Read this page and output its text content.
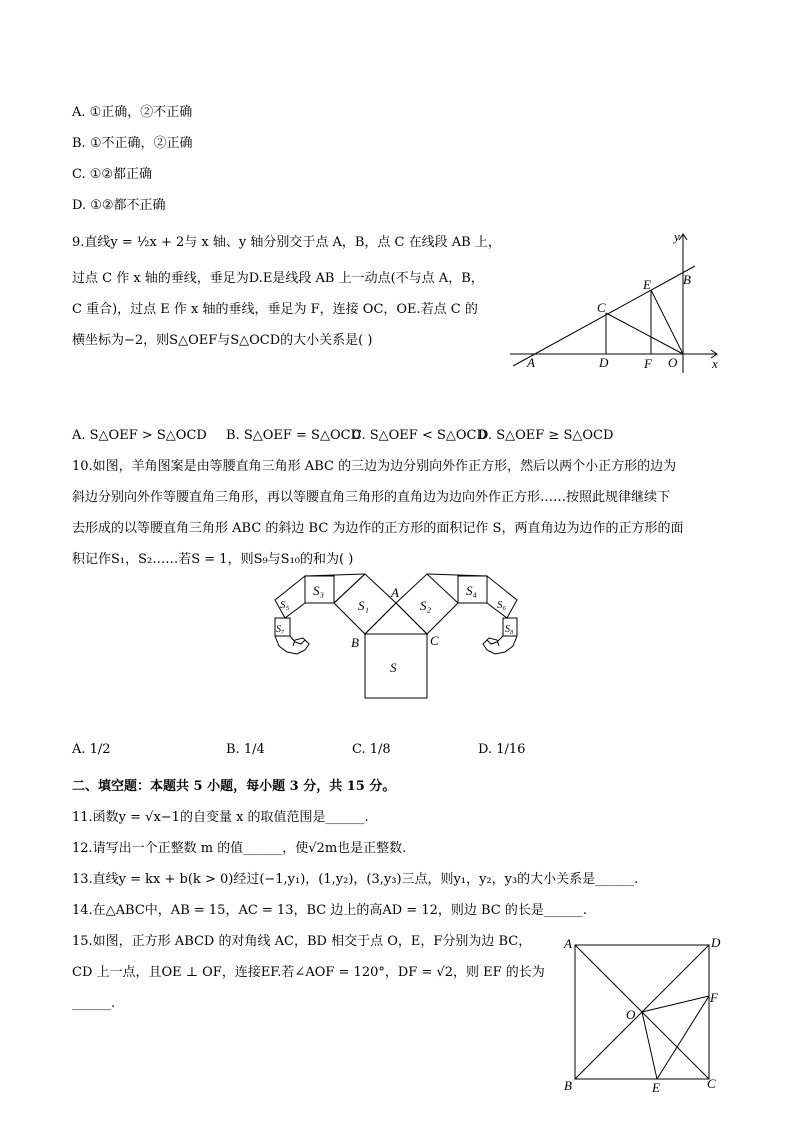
A. ①正确，②不正确
B. ①不正确，②正确
C. ①②都正确
D. ①②都不正确
9.直线y = ½x + 2与 x 轴、y 轴分别交于点 A，B，点 C 在线段 AB 上，
过点 C 作 x 轴的垂线，垂足为D.E是线段 AB 上一动点(不与点 A，B，
C 重合)，过点 E 作 x 轴的垂线，垂足为 F，连接 OC，OE.若点 C 的
横坐标为−2，则S△OEF与S△OCD的大小关系是( )
y
x
A
B
C
D
E
F O
A. S△OEF > S△OCD B. S△OEF = S△OCD
C. S△OEF < S△OCD
D. S△OEF ≥ S△OCD
10.如图，羊角图案是由等腰直角三角形 ABC 的三边为边分别向外作正方形，然后以两个小正方形的边为
斜边分别向外作等腰直角三角形，再以等腰直角三角形的直角边为边向外作正方形……按照此规律继续下
去形成的以等腰直角三角形 ABC 的斜边 BC 为边作的正方形的面积记作 S，两直角边为边作的正方形的面
积记作S₁，S₂……若S = 1，则S₉与S₁₀的和为( )
A
B	C
S
S₁	S₂
S₃	S₄
S₅	S₆
S₇	S₈
A. 1/2	B. 1/4	C. 1/8	D. 1/16
二、填空题：本题共 5 小题，每小题 3 分，共 15 分。
11.函数y = √x−1的自变量 x 的取值范围是______.
12.请写出一个正整数 m 的值______，使√2m也是正整数.
13.直线y = kx + b(k > 0)经过(−1,y₁)，(1,y₂)，(3,y₃)三点，则y₁，y₂，y₃的大小关系是______.
14.在△ABC中，AB = 15，AC = 13，BC 边上的高AD = 12，则边 BC 的长是______.
15.如图，正方形 ABCD 的对角线 AC，BD 相交于点 O，E，F分别为边 BC，
CD 上一点，且OE ⊥ OF，连接EF.若∠AOF = 120°，DF = √2，则 EF 的长为
______.
A	D
B	C
E
F
O
